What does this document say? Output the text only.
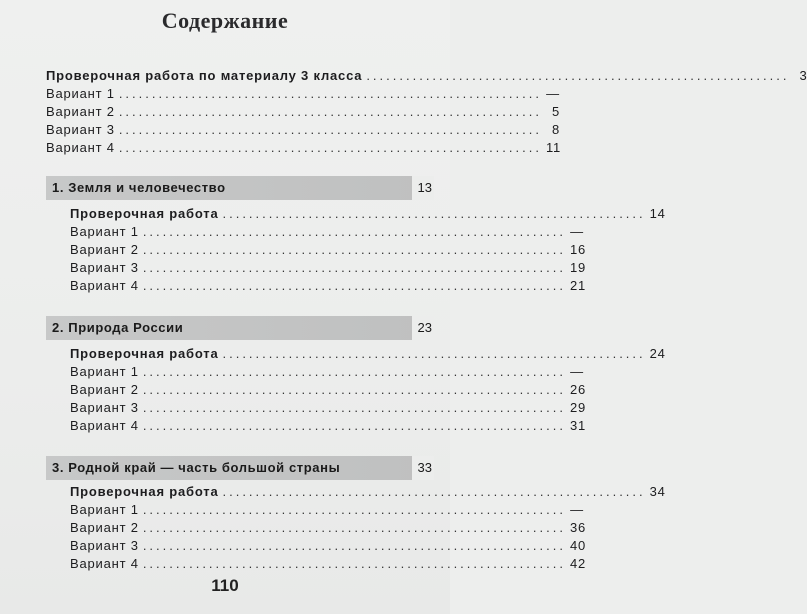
Содержание
Проверочная работа по материалу 3 класса ................................................................ 3
Вариант 1 ................................................................ —
Вариант 2 ................................................................ 5
Вариант 3 ................................................................ 8
Вариант 4 ................................................................ 11
1. Земля и человечество	13
Проверочная работа ................................................................ 14
Вариант 1 ................................................................ —
Вариант 2 ................................................................ 16
Вариант 3 ................................................................ 19
Вариант 4 ................................................................ 21
2. Природа России	23
Проверочная работа ................................................................ 24
Вариант 1 ................................................................ —
Вариант 2 ................................................................ 26
Вариант 3 ................................................................ 29
Вариант 4 ................................................................ 31
3. Родной край — часть большой страны	33
Проверочная работа ................................................................ 34
Вариант 1 ................................................................ —
Вариант 2 ................................................................ 36
Вариант 3 ................................................................ 40
Вариант 4 ................................................................ 42
110
